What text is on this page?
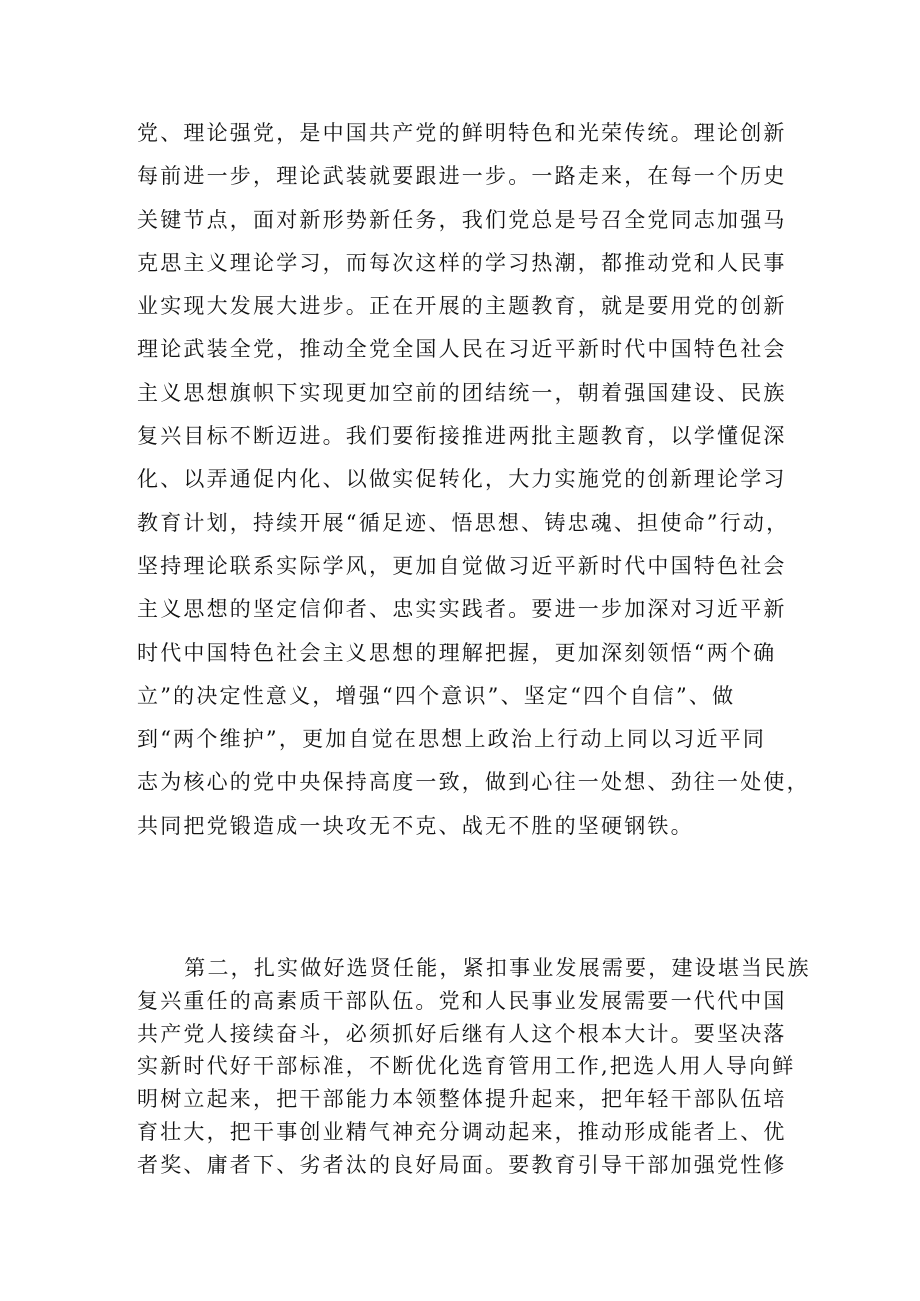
党、理论强党，是中国共产党的鲜明特色和光荣传统。理论创新
每前进一步，理论武装就要跟进一步。一路走来，在每一个历史
关键节点，面对新形势新任务，我们党总是号召全党同志加强马
克思主义理论学习，而每次这样的学习热潮，都推动党和人民事
业实现大发展大进步。正在开展的主题教育，就是要用党的创新
理论武装全党，推动全党全国人民在习近平新时代中国特色社会
主义思想旗帜下实现更加空前的团结统一，朝着强国建设、民族
复兴目标不断迈进。我们要衔接推进两批主题教育，以学懂促深
化、以弄通促内化、以做实促转化，大力实施党的创新理论学习
教育计划，持续开展“循足迹、悟思想、铸忠魂、担使命”行动，
坚持理论联系实际学风，更加自觉做习近平新时代中国特色社会
主义思想的坚定信仰者、忠实实践者。要进一步加深对习近平新
时代中国特色社会主义思想的理解把握，更加深刻领悟“两个确
立”的决定性意义，增强“四个意识”、坚定“四个自信”、做
到“两个维护”，更加自觉在思想上政治上行动上同以习近平同
志为核心的党中央保持高度一致，做到心往一处想、劲往一处使，
共同把党锻造成一块攻无不克、战无不胜的坚硬钢铁。

第二，扎实做好选贤任能，紧扣事业发展需要，建设堪当民族
复兴重任的高素质干部队伍。党和人民事业发展需要一代代中国
共产党人接续奋斗，必须抓好后继有人这个根本大计。要坚决落
实新时代好干部标准，不断优化选育管用工作,把选人用人导向鲜
明树立起来，把干部能力本领整体提升起来，把年轻干部队伍培
育壮大，把干事创业精气神充分调动起来，推动形成能者上、优
者奖、庸者下、劣者汰的良好局面。要教育引导干部加强党性修
